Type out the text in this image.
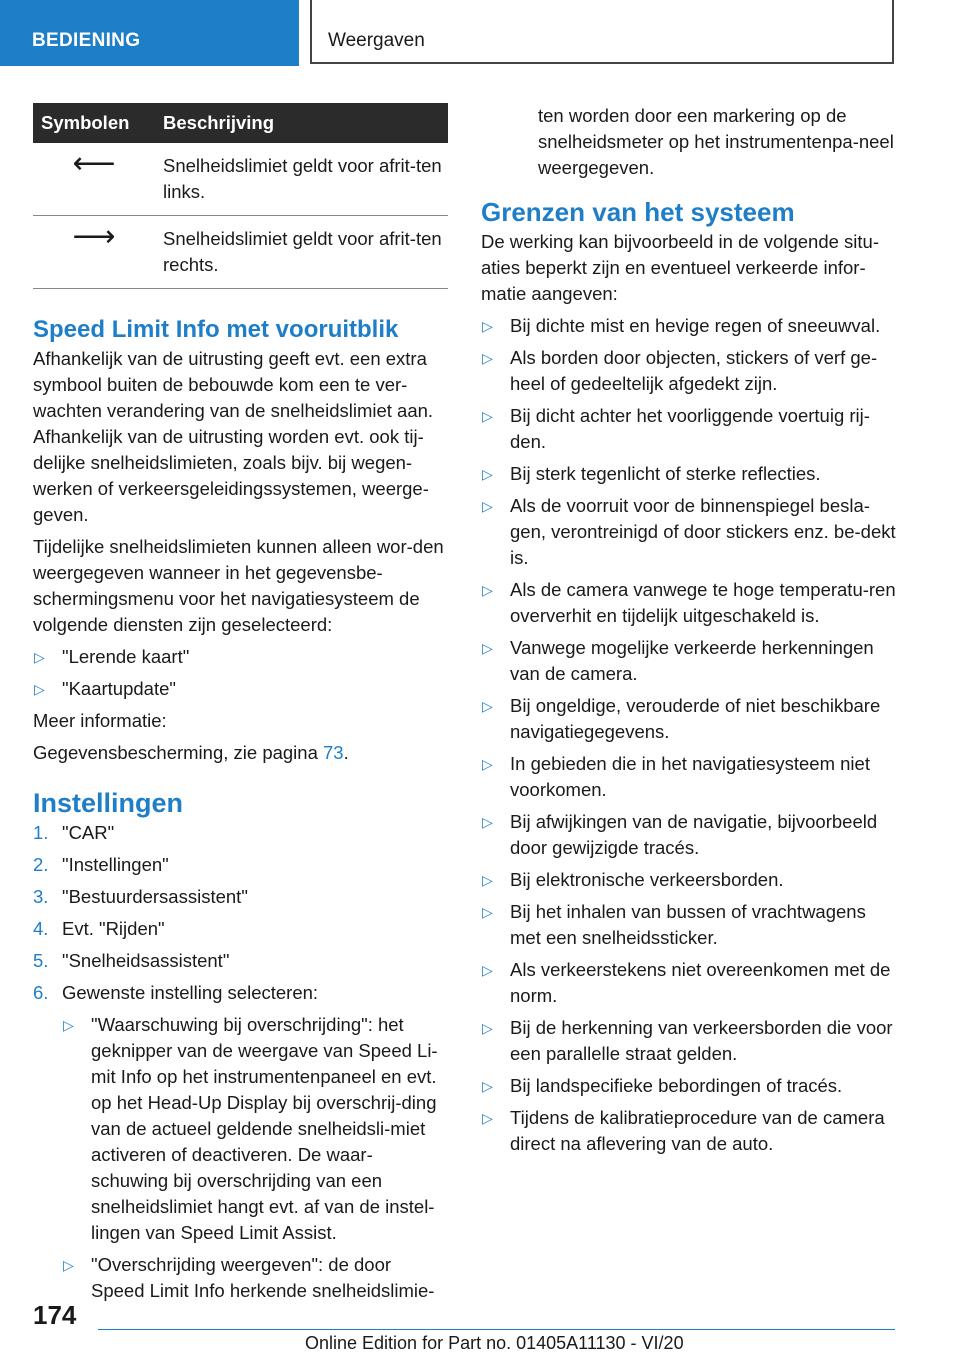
BEDIENING	Weergaven
Symbolen	Beschrijving
⟵	Snelheidslimiet geldt voor afrit-ten links.
⟶	Snelheidslimiet geldt voor afrit-ten rechts.
Speed Limit Info met vooruitblik

Afhankelijk van de uitrusting geeft evt. een extra symbool buiten de bebouwde kom een te ver-wachten verandering van de snelheidslimiet aan. Afhankelijk van de uitrusting worden evt. ook tij-delijke snelheidslimieten, zoals bijv. bij wegen-werken of verkeersgeleidingssystemen, weerge-geven.

Tijdelijke snelheidslimieten kunnen alleen wor-den weergegeven wanneer in het gegevensbe-schermingsmenu voor het navigatiesysteem de volgende diensten zijn geselecteerd:

▷ "Lerende kaart"
▷ "Kaartupdate"

Meer informatie:

Gegevensbescherming, zie pagina 73.

Instellingen
1. "CAR"
2. "Instellingen"
3. "Bestuurdersassistent"
4. Evt. "Rijden"
5. "Snelheidsassistent"
6. Gewenste instelling selecteren:
▷ "Waarschuwing bij overschrijding": het geknipper van de weergave van Speed Li-mit Info op het instrumentenpaneel en evt. op het Head-Up Display bij overschrij-ding van de actueel geldende snelheidsli-miet activeren of deactiveren. De waar-schuwing bij overschrijding van een snelheidslimiet hangt evt. af van de instel-lingen van Speed Limit Assist.
▷ "Overschrijding weergeven": de door Speed Limit Info herkende snelheidslimie-

ten worden door een markering op de snelheidsmeter op het instrumentenpa-neel weergegeven.

Grenzen van het systeem

De werking kan bijvoorbeeld in de volgende situ-aties beperkt zijn en eventueel verkeerde infor-matie aangeven:

▷ Bij dichte mist en hevige regen of sneeuwval.
▷ Als borden door objecten, stickers of verf ge-heel of gedeeltelijk afgedekt zijn.
▷ Bij dicht achter het voorliggende voertuig rij-den.
▷ Bij sterk tegenlicht of sterke reflecties.
▷ Als de voorruit voor de binnenspiegel besla-gen, verontreinigd of door stickers enz. be-dekt is.
▷ Als de camera vanwege te hoge temperatu-ren oververhit en tijdelijk uitgeschakeld is.
▷ Vanwege mogelijke verkeerde herkenningen van de camera.
▷ Bij ongeldige, verouderde of niet beschikbare navigatiegegevens.
▷ In gebieden die in het navigatiesysteem niet voorkomen.
▷ Bij afwijkingen van de navigatie, bijvoorbeeld door gewijzigde tracés.
▷ Bij elektronische verkeersborden.
▷ Bij het inhalen van bussen of vrachtwagens met een snelheidssticker.
▷ Als verkeerstekens niet overeenkomen met de norm.
▷ Bij de herkenning van verkeersborden die voor een parallelle straat gelden.
▷ Bij landspecifieke bebordingen of tracés.
▷ Tijdens de kalibratieprocedure van de camera direct na aflevering van de auto.
174
Online Edition for Part no. 01405A11130 - VI/20
